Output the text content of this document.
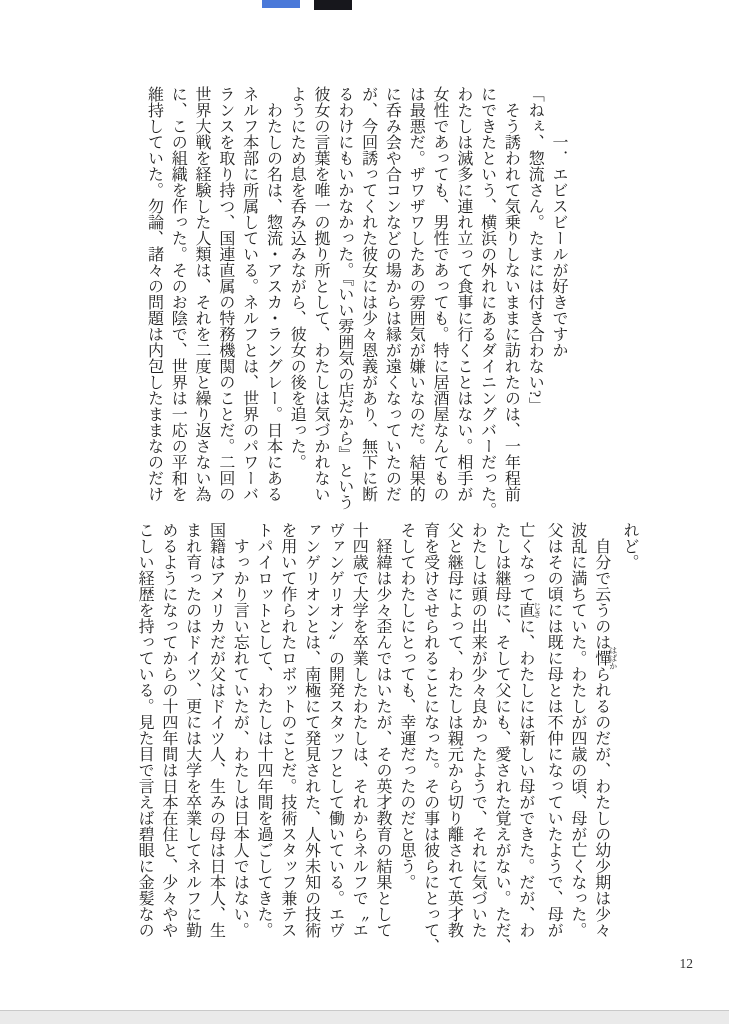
一．エビスビールが好きですか
「ねぇ、惣流さん。たまには付き合わない?」
　そう誘われて気乗りしないままに訪れたのは、一年程前
にできたという、横浜の外れにあるダイニングバーだった。
わたしは滅多に連れ立って食事に行くことはない。相手が
女性であっても、男性であっても。特に居酒屋なんてもの
は最悪だ。ザワザワしたあの雰囲気が嫌いなのだ。結果的
に呑み会や合コンなどの場からは縁が遠くなっていたのだ
が、今回誘ってくれた彼女には少々恩義があり、無下に断
るわけにもいかなかった。『いい雰囲気の店だから』という
彼女の言葉を唯一の拠り所として、わたしは気づかれない
ようにため息を呑み込みながら、彼女の後を追った。
　わたしの名は、惣流・アスカ・ラングレー。日本にある
ネルフ本部に所属している。ネルフとは、世界のパワーバ
ランスを取り持つ、国連直属の特務機関のことだ。二回の
世界大戦を経験した人類は、それを二度と繰り返さない為
に、この組織を作った。そのお陰で、世界は一応の平和を
維持していた。勿論、諸々の問題は内包したままなのだけ
れど。
　自分で云うのは憚 はばかられるのだが、わたしの幼少期は少々
波乱に満ちていた。わたしが四歳の頃、母が亡くなった。
父はその頃には既に母とは不仲になっていたようで、母が
亡くなって直 じきに、わたしには新しい母ができた。だが、わ
たしは継母に、そして父にも、愛された覚えがない。ただ、
わたしは頭の出来が少々良かったようで、それに気づいた
父と継母によって、わたしは親元から切り離されて英才教
育を受けさせられることになった。その事は彼らにとって、
そしてわたしにとっても、幸運だったのだと思う。
　経緯は少々歪んではいたが、その英才教育の結果として
十四歳で大学を卒業したわたしは、それからネルフで〝エ
ヴァンゲリオン〟の開発スタッフとして働いている。エヴ
ァンゲリオンとは、南極にて発見された、人外未知の技術
を用いて作られたロボットのことだ。技術スタッフ兼テス
トパイロットとして、わたしは十四年間を過ごしてきた。
　すっかり言い忘れていたが、わたしは日本人ではない。
国籍はアメリカだが父はドイツ人、生みの母は日本人、生
まれ育ったのはドイツ、更には大学を卒業してネルフに勤
めるようになってからの十四年間は日本在住と、少々やや
こしい経歴を持っている。見た目で言えば碧眼に金髪なの
12
